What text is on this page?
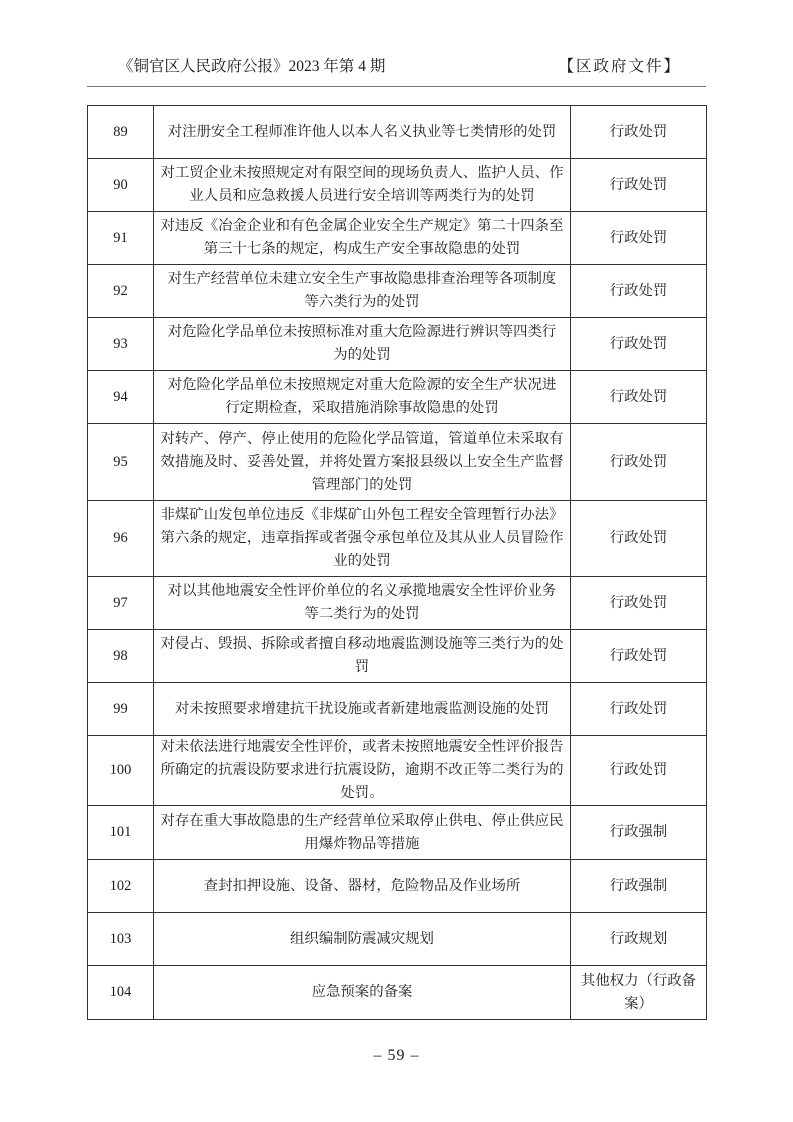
《铜官区人民政府公报》2023 年第 4 期	【区政府文件】
89	对注册安全工程师准许他人以本人名义执业等七类情形的处罚	行政处罚

90	对工贸企业未按照规定对有限空间的现场负责人、监护人员、作
业人员和应急救援人员进行安全培训等两类行为的处罚	行政处罚

91	对违反《冶金企业和有色金属企业安全生产规定》第二十四条至
第三十七条的规定，构成生产安全事故隐患的处罚	行政处罚

92	对生产经营单位未建立安全生产事故隐患排查治理等各项制度
等六类行为的处罚	行政处罚

93	对危险化学品单位未按照标准对重大危险源进行辨识等四类行
为的处罚	行政处罚

94	对危险化学品单位未按照规定对重大危险源的安全生产状况进
行定期检查，采取措施消除事故隐患的处罚	行政处罚

95	对转产、停产、停止使用的危险化学品管道，管道单位未采取有
效措施及时、妥善处置，并将处置方案报县级以上安全生产监督
管理部门的处罚	行政处罚

96	非煤矿山发包单位违反《非煤矿山外包工程安全管理暂行办法》
第六条的规定，违章指挥或者强令承包单位及其从业人员冒险作
业的处罚	行政处罚

97	对以其他地震安全性评价单位的名义承揽地震安全性评价业务
等二类行为的处罚	行政处罚

98	对侵占、毁损、拆除或者擅自移动地震监测设施等三类行为的处
罚	行政处罚

99	对未按照要求增建抗干扰设施或者新建地震监测设施的处罚	行政处罚

100	对未依法进行地震安全性评价，或者未按照地震安全性评价报告
所确定的抗震设防要求进行抗震设防，逾期不改正等二类行为的
处罚。	行政处罚

101	对存在重大事故隐患的生产经营单位采取停止供电、停止供应民
用爆炸物品等措施	行政强制

102	查封扣押设施、设备、器材，危险物品及作业场所	行政强制

103	组织编制防震减灾规划	行政规划

104	应急预案的备案	其他权力（行政备
案）
– 59 –
